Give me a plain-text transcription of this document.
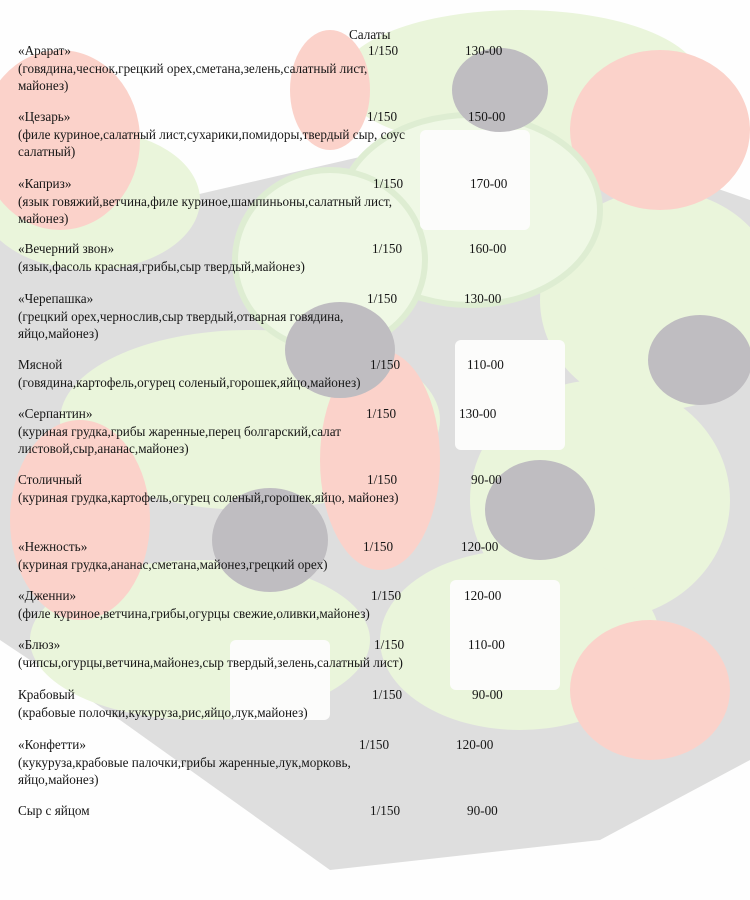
Салаты
«Арарат»	1/150	130-00
(говядина,чеснок,грецкий орех,сметана,зелень,салатный лист, майонез)
«Цезарь»	1/150	150-00
(филе куриное,салатный лист,сухарики,помидоры,твердый сыр, соус салатный)
«Каприз»	1/150	170-00
(язык говяжий,ветчина,филе куриное,шампиньоны,салатный лист, майонез)
«Вечерний звон»	1/150	160-00
(язык,фасоль красная,грибы,сыр твердый,майонез)
«Черепашка»	1/150	130-00
(грецкий орех,чернослив,сыр твердый,отварная говядина, яйцо,майонез)
Мясной	1/150	110-00
(говядина,картофель,огурец соленый,горошек,яйцо,майонез)
«Серпантин»	1/150	130-00
(куриная грудка,грибы жаренные,перец болгарский,салат листовой,сыр,ананас,майонез)
Столичный	1/150	90-00
(куриная грудка,картофель,огурец соленый,горошек,яйцо, майонез)
«Нежность»	1/150	120-00
(куриная грудка,ананас,сметана,майонез,грецкий орех)
«Дженни»	1/150	120-00
(филе куриное,ветчина,грибы,огурцы свежие,оливки,майонез)
«Блюз»	1/150	110-00
(чипсы,огурцы,ветчина,майонез,сыр твердый,зелень,салатный лист)
Крабовый	1/150	90-00
(крабовые полочки,кукуруза,рис,яйцо,лук,майонез)
«Конфетти»	1/150	120-00
(кукуруза,крабовые палочки,грибы жаренные,лук,морковь, яйцо,майонез)
Сыр с яйцом	1/150	90-00
